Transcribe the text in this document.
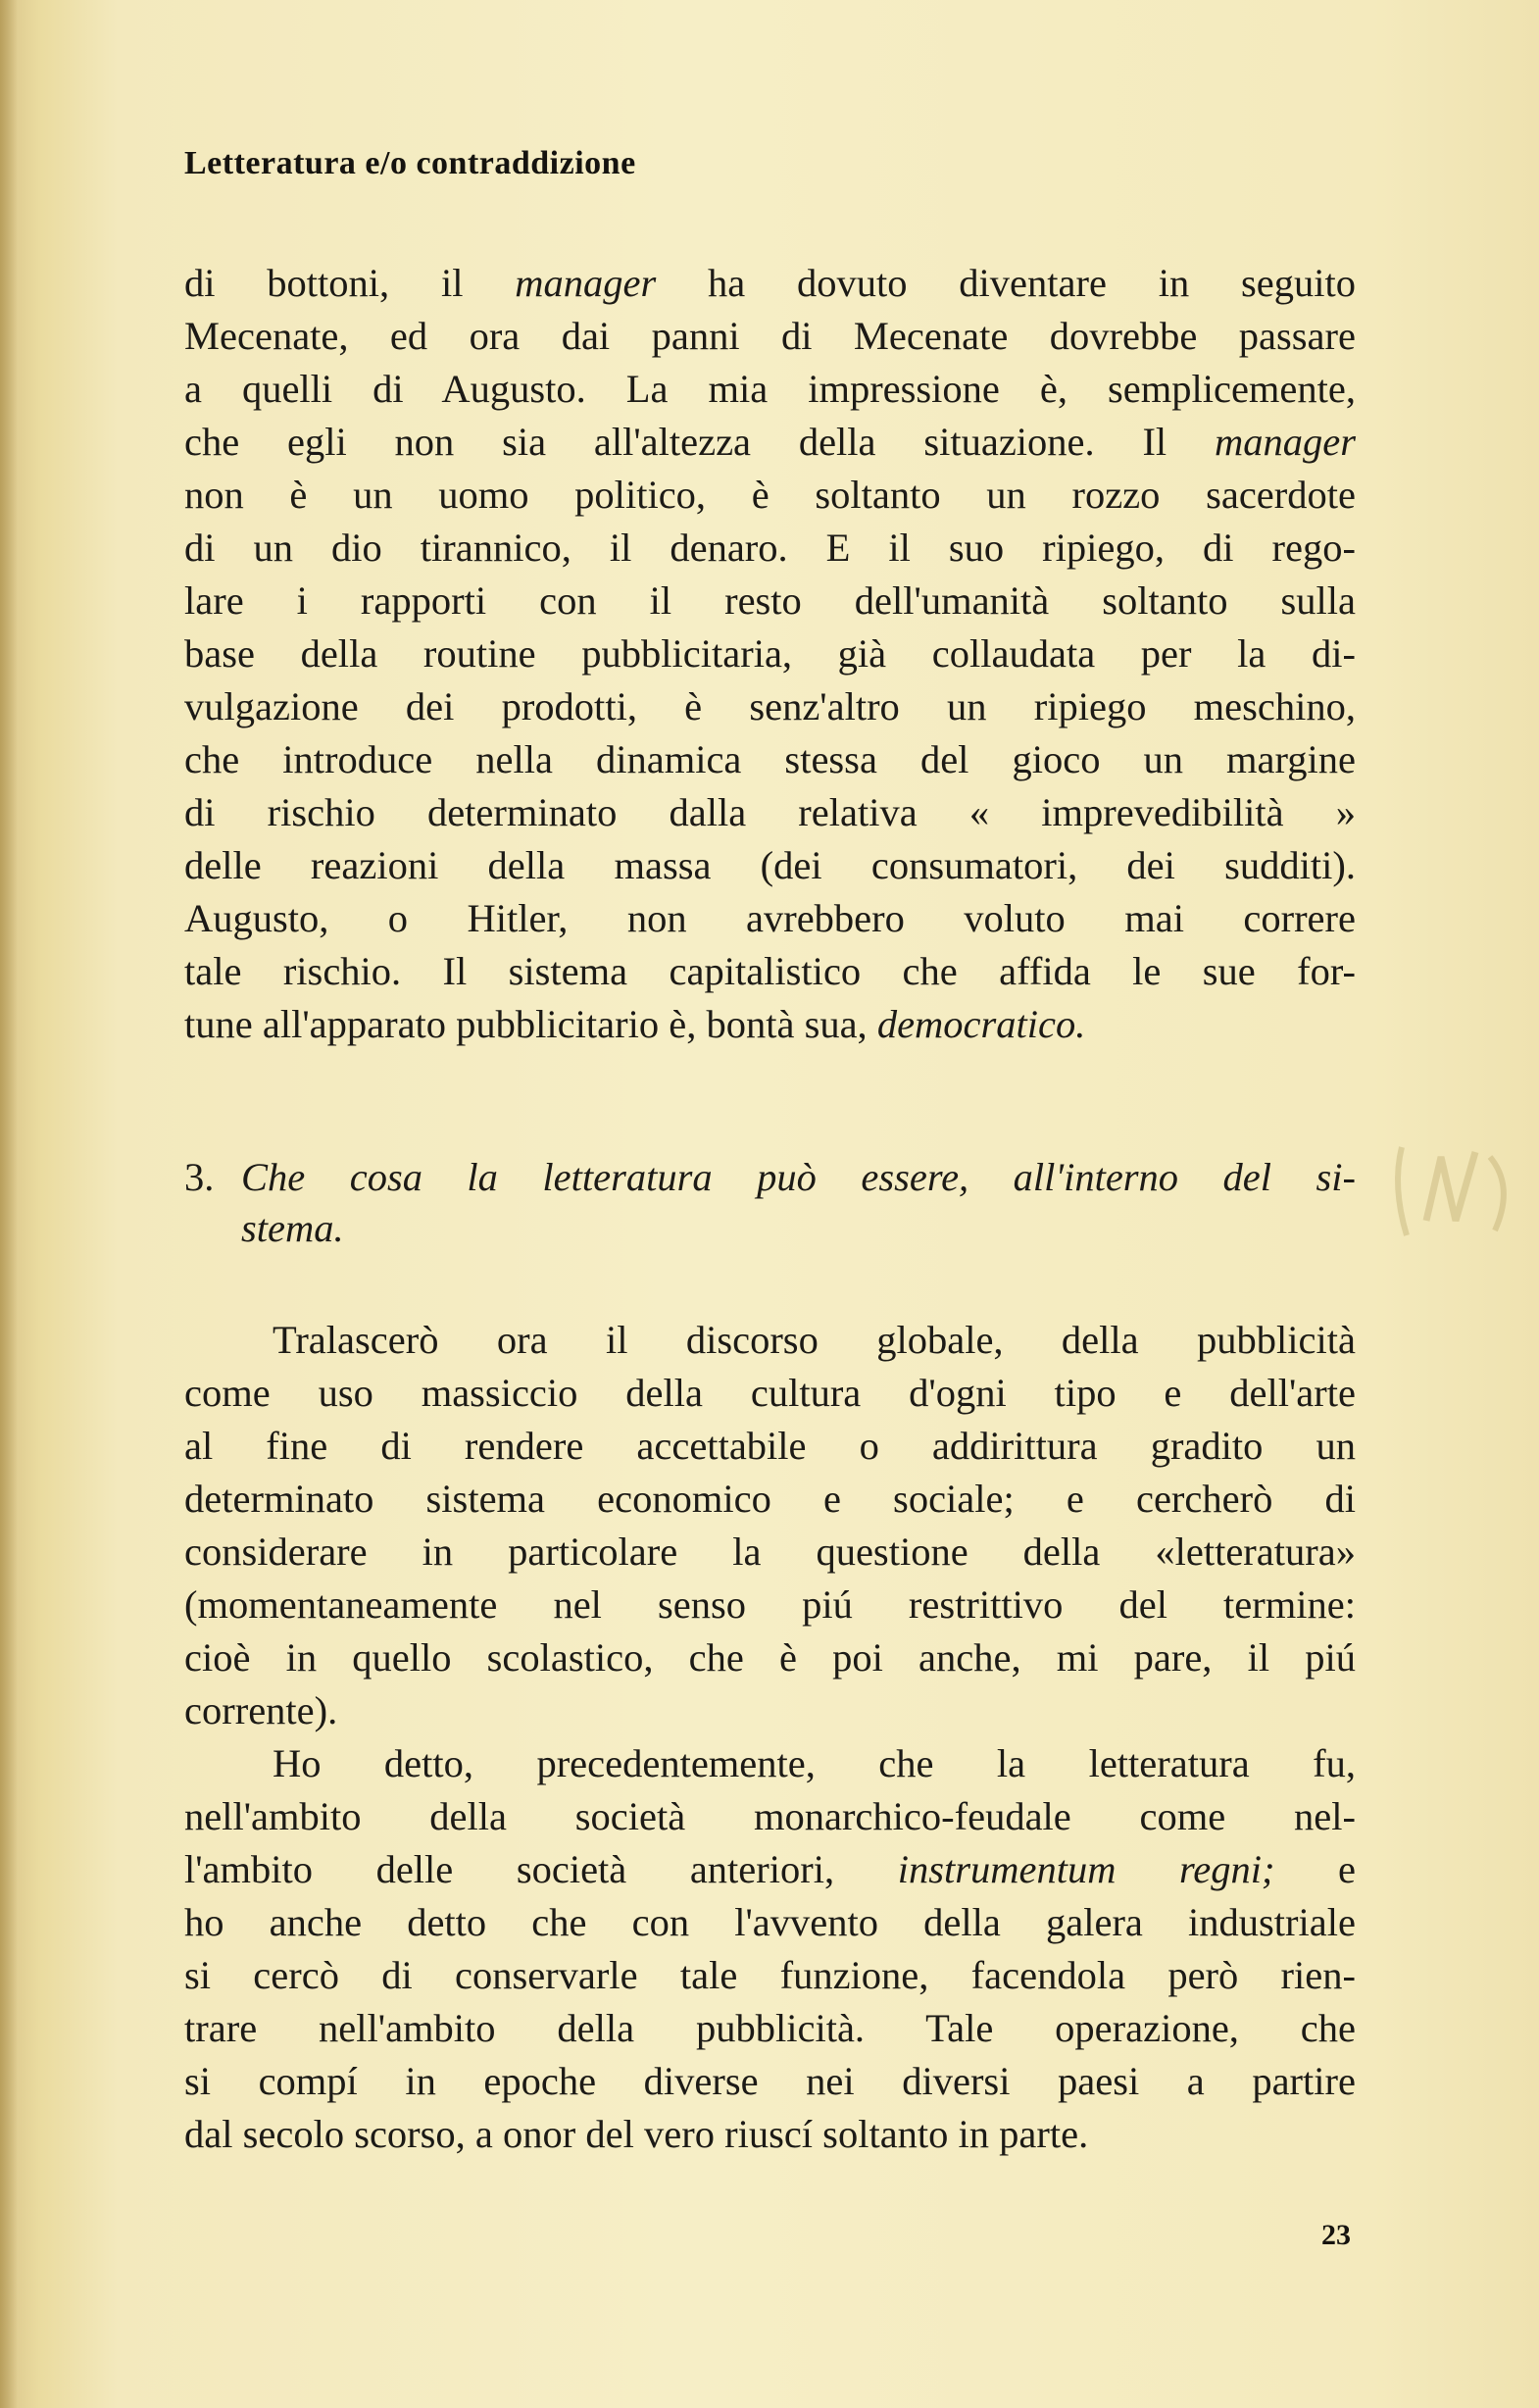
Letteratura e/o contraddizione
di bottoni, il manager ha dovuto diventare in seguito
Mecenate, ed ora dai panni di Mecenate dovrebbe passare
a quelli di Augusto. La mia impressione è, semplicemente,
che egli non sia all'altezza della situazione. Il manager
non è un uomo politico, è soltanto un rozzo sacerdote
di un dio tirannico, il denaro. E il suo ripiego, di rego-
lare i rapporti con il resto dell'umanità soltanto sulla
base della routine pubblicitaria, già collaudata per la di-
vulgazione dei prodotti, è senz'altro un ripiego meschino,
che introduce nella dinamica stessa del gioco un margine
di rischio determinato dalla relativa « imprevedibilità »
delle reazioni della massa (dei consumatori, dei sudditi).
Augusto, o Hitler, non avrebbero voluto mai correre
tale rischio. Il sistema capitalistico che affida le sue for-
tune all'apparato pubblicitario è, bontà sua, democratico.
3. Che cosa la letteratura può essere, all'interno del si-
stema.
Tralascerò ora il discorso globale, della pubblicità
come uso massiccio della cultura d'ogni tipo e dell'arte
al fine di rendere accettabile o addirittura gradito un
determinato sistema economico e sociale; e cercherò di
considerare in particolare la questione della «letteratura»
(momentaneamente nel senso piú restrittivo del termine:
cioè in quello scolastico, che è poi anche, mi pare, il piú
corrente).
Ho detto, precedentemente, che la letteratura fu,
nell'ambito della società monarchico-feudale come nel-
l'ambito delle società anteriori, instrumentum regni; e
ho anche detto che con l'avvento della galera industriale
si cercò di conservarle tale funzione, facendola però rien-
trare nell'ambito della pubblicità. Tale operazione, che
si compí in epoche diverse nei diversi paesi a partire
dal secolo scorso, a onor del vero riuscí soltanto in parte.
23
